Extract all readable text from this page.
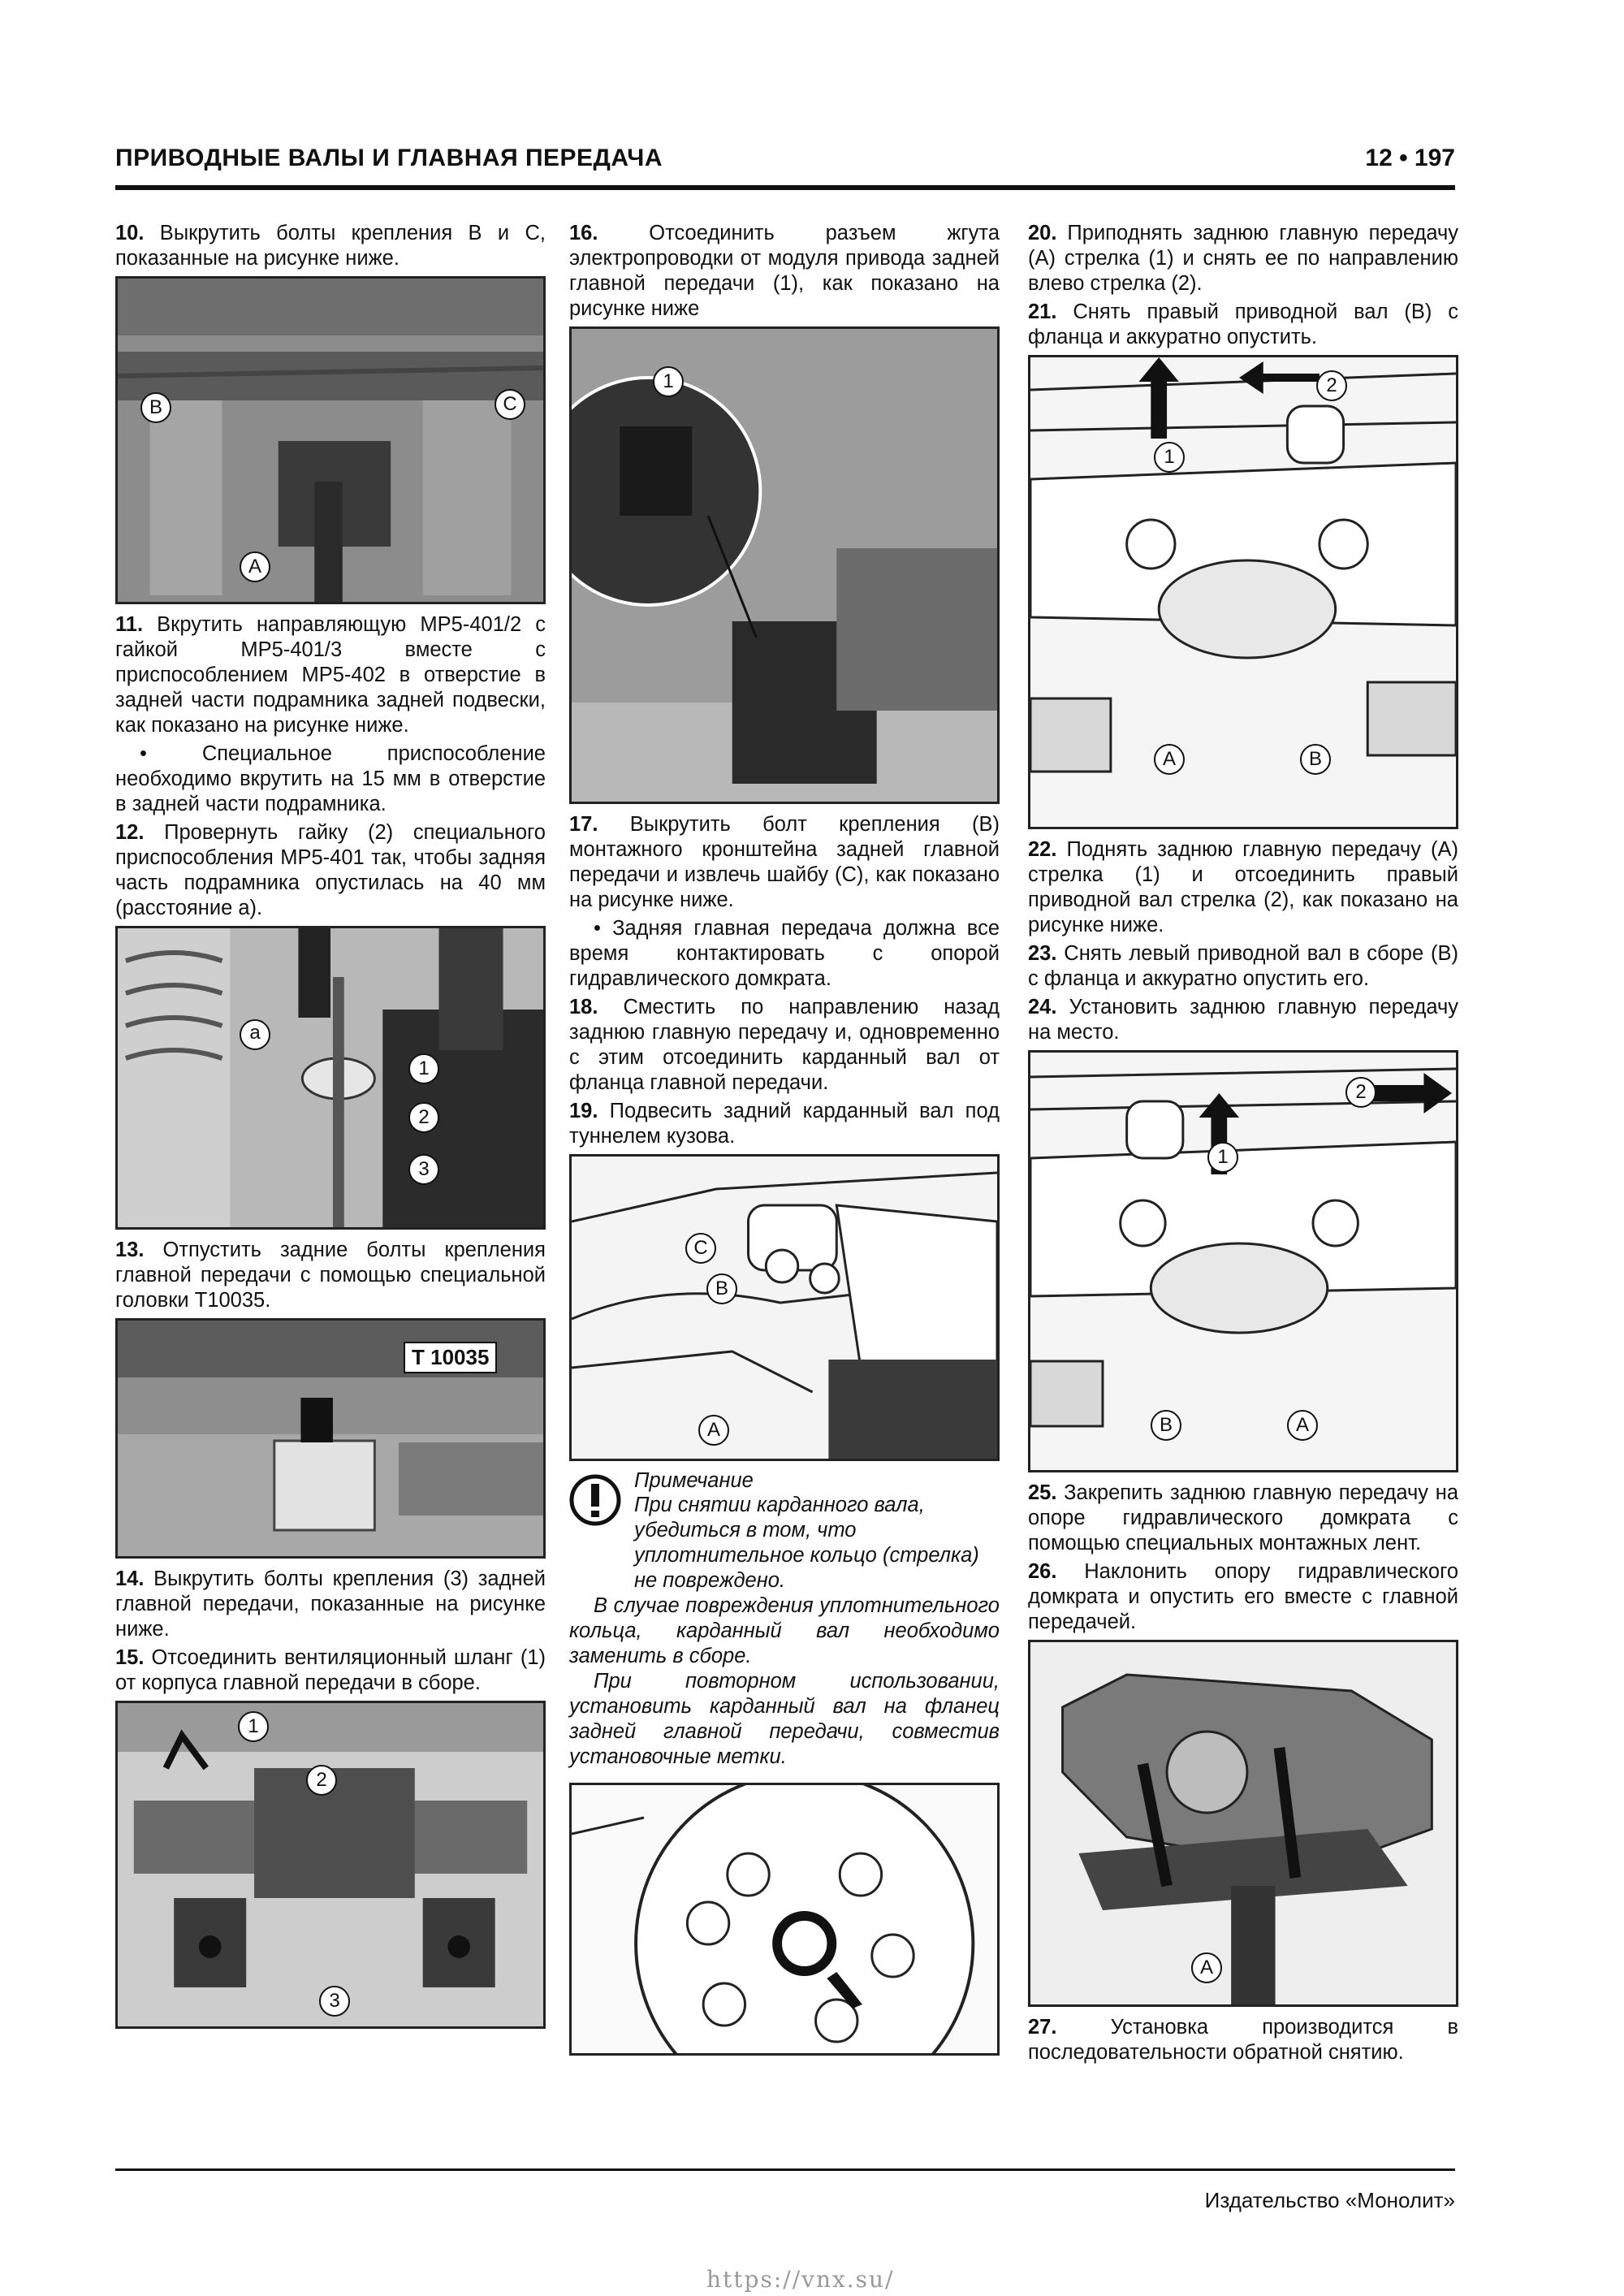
ПРИВОДНЫЕ ВАЛЫ И ГЛАВНАЯ ПЕРЕДАЧА	12 • 197

10. Выкрутить болты крепления В и С, показанные на рисунке ниже.

B	C
A

11. Вкрутить направляющую MP5-401/2 с гайкой MP5-401/3 вместе с приспособлением MP5-402 в отверстие в задней части подрамника задней подвески, как показано на рисунке ниже.

• Специальное приспособление необходимо вкрутить на 15 мм в отверстие в задней части подрамника.

12. Провернуть гайку (2) специального приспособления MP5-401 так, чтобы задняя часть подрамника опустилась на 40 мм (расстояние а).

a
1
2
3

13. Отпустить задние болты крепления главной передачи с помощью специальной головки T10035.

T 10035

14. Выкрутить болты крепления (3) задней главной передачи, показанные на рисунке ниже.

15. Отсоединить вентиляционный шланг (1) от корпуса главной передачи в сборе.

1
2
3

16. Отсоединить разъем жгута электропроводки от модуля привода задней главной передачи (1), как показано на рисунке ниже

1

17. Выкрутить болт крепления (В) монтажного кронштейна задней главной передачи и извлечь шайбу (С), как показано на рисунке ниже.

• Задняя главная передача должна все время контактировать с опорой гидравлического домкрата.

18. Сместить по направлению назад заднюю главную передачу и, одновременно с этим отсоединить карданный вал от фланца главной передачи.

19. Подвесить задний карданный вал под туннелем кузова.

C
B
A
Примечание
При снятии карданного вала, убедиться в том, что уплотнительное кольцо (стрелка) не повреждено.

В случае повреждения уплотнительного кольца, карданный вал необходимо заменить в сборе.

При повторном использовании, установить карданный вал на фланец задней главной передачи, совместив установочные метки.

20. Приподнять заднюю главную передачу (А) стрелка (1) и снять ее по направлению влево стрелка (2).

21. Снять правый приводной вал (В) с фланца и аккуратно опустить.

2
1
A	B

22. Поднять заднюю главную передачу (А) стрелка (1) и отсоединить правый приводной вал стрелка (2), как показано на рисунке ниже.

23. Снять левый приводной вал в сборе (В) с фланца и аккуратно опустить его.

24. Установить заднюю главную передачу на место.

2
1
B	A

25. Закрепить заднюю главную передачу на опоре гидравлического домкрата с помощью специальных монтажных лент.

26. Наклонить опору гидравлического домкрата и опустить его вместе с главной передачей.

A

27. Установка производится в последовательности обратной снятию.

Издательство «Монолит»
https://vnx.su/
